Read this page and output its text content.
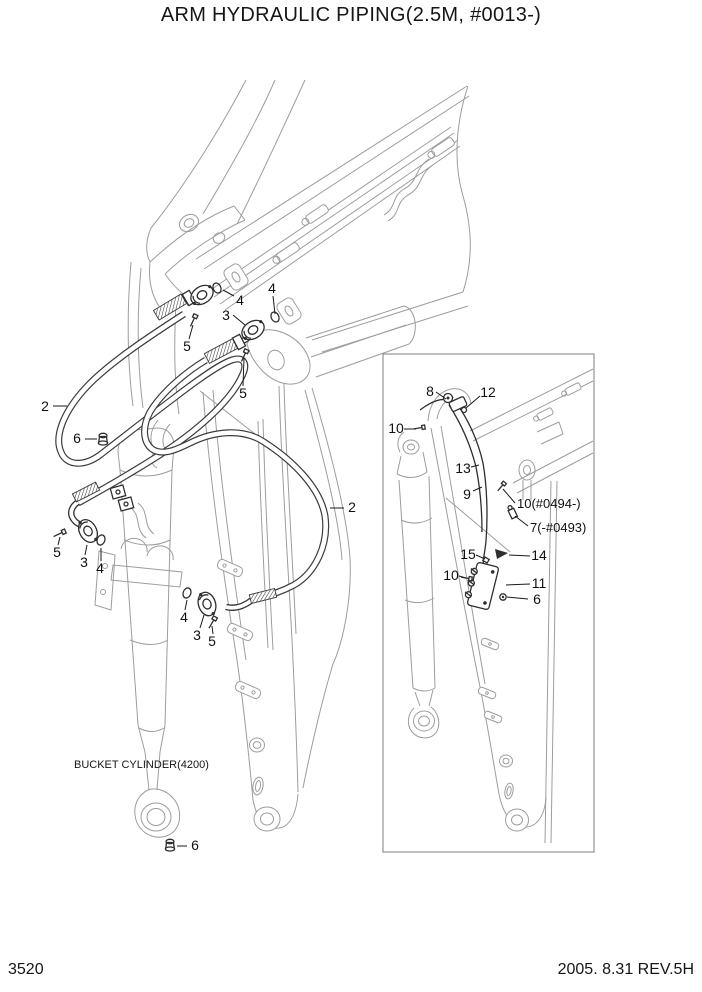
ARM HYDRAULIC PIPING(2.5M, #0013-)
4
4
3
5
5
2
6
5
3 4
2
4
3 5
6
8	12
10
13
9
10(#0494-)
7(-#0493)
15	14
10	11
6
BUCKET CYLINDER(4200)
3520	2005. 8.31 REV.5H
